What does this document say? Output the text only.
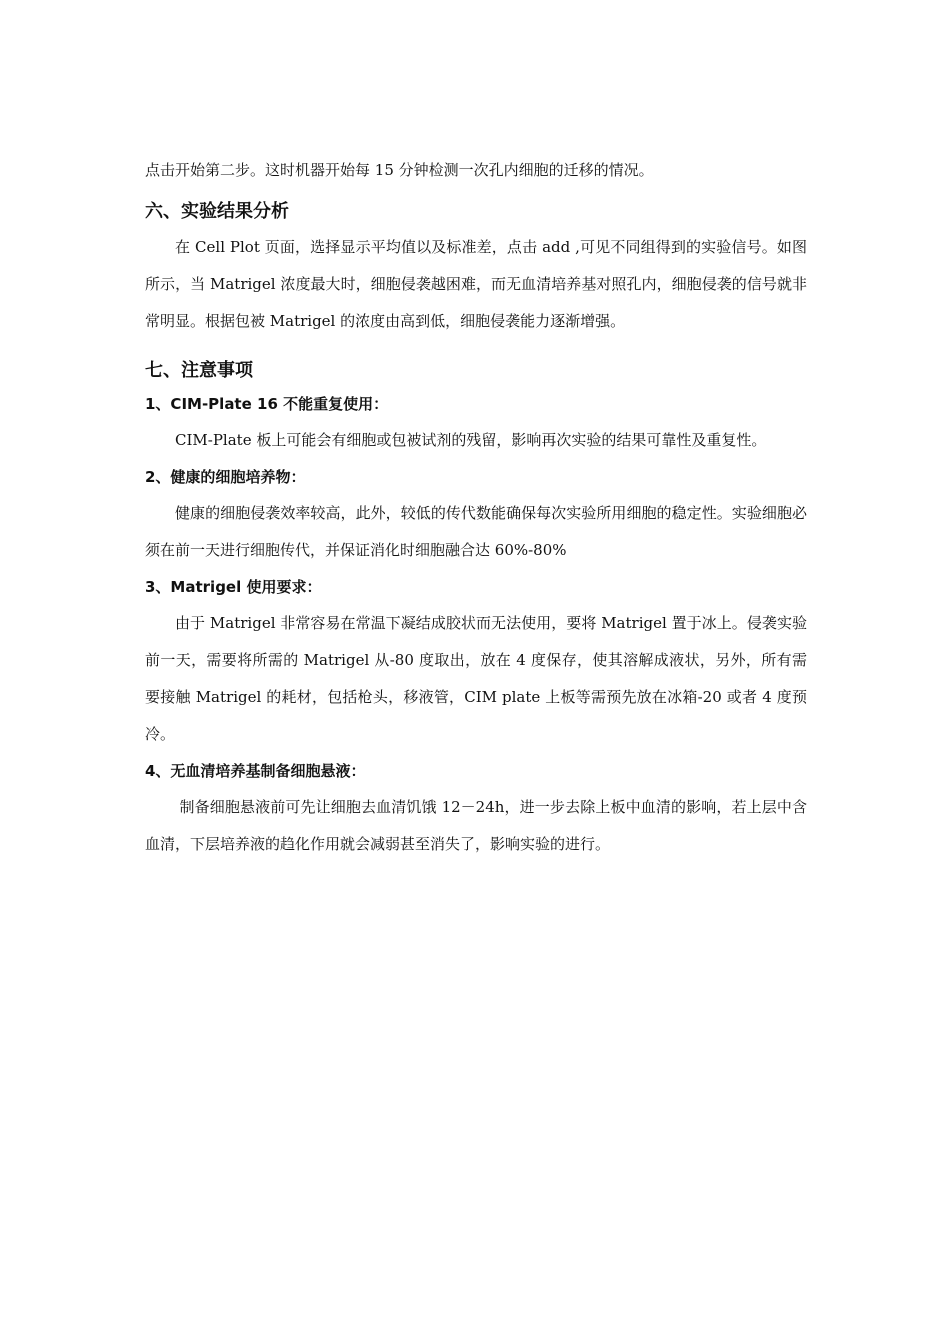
点击开始第二步。这时机器开始每 15 分钟检测一次孔内细胞的迁移的情况。

六、实验结果分析

在 Cell Plot 页面，选择显示平均值以及标准差，点击 add ,可见不同组得到的实验信号。如图所示，当 Matrigel 浓度最大时，细胞侵袭越困难，而无血清培养基对照孔内，细胞侵袭的信号就非常明显。根据包被 Matrigel 的浓度由高到低，细胞侵袭能力逐渐增强。

七、注意事项
1、CIM-Plate 16 不能重复使用：

CIM-Plate 板上可能会有细胞或包被试剂的残留，影响再次实验的结果可靠性及重复性。

2、健康的细胞培养物：

健康的细胞侵袭效率较高，此外，较低的传代数能确保每次实验所用细胞的稳定性。实验细胞必须在前一天进行细胞传代，并保证消化时细胞融合达 60%-80%

3、Matrigel 使用要求：

由于 Matrigel 非常容易在常温下凝结成胶状而无法使用，要将 Matrigel 置于冰上。侵袭实验前一天，需要将所需的 Matrigel 从-80 度取出，放在 4 度保存，使其溶解成液状，另外，所有需要接触 Matrigel 的耗材，包括枪头，移液管，CIM plate 上板等需预先放在冰箱-20 或者 4 度预冷。

4、无血清培养基制备细胞悬液：

制备细胞悬液前可先让细胞去血清饥饿 12－24h，进一步去除上板中血清的影响，若上层中含血清，下层培养液的趋化作用就会减弱甚至消失了，影响实验的进行。
